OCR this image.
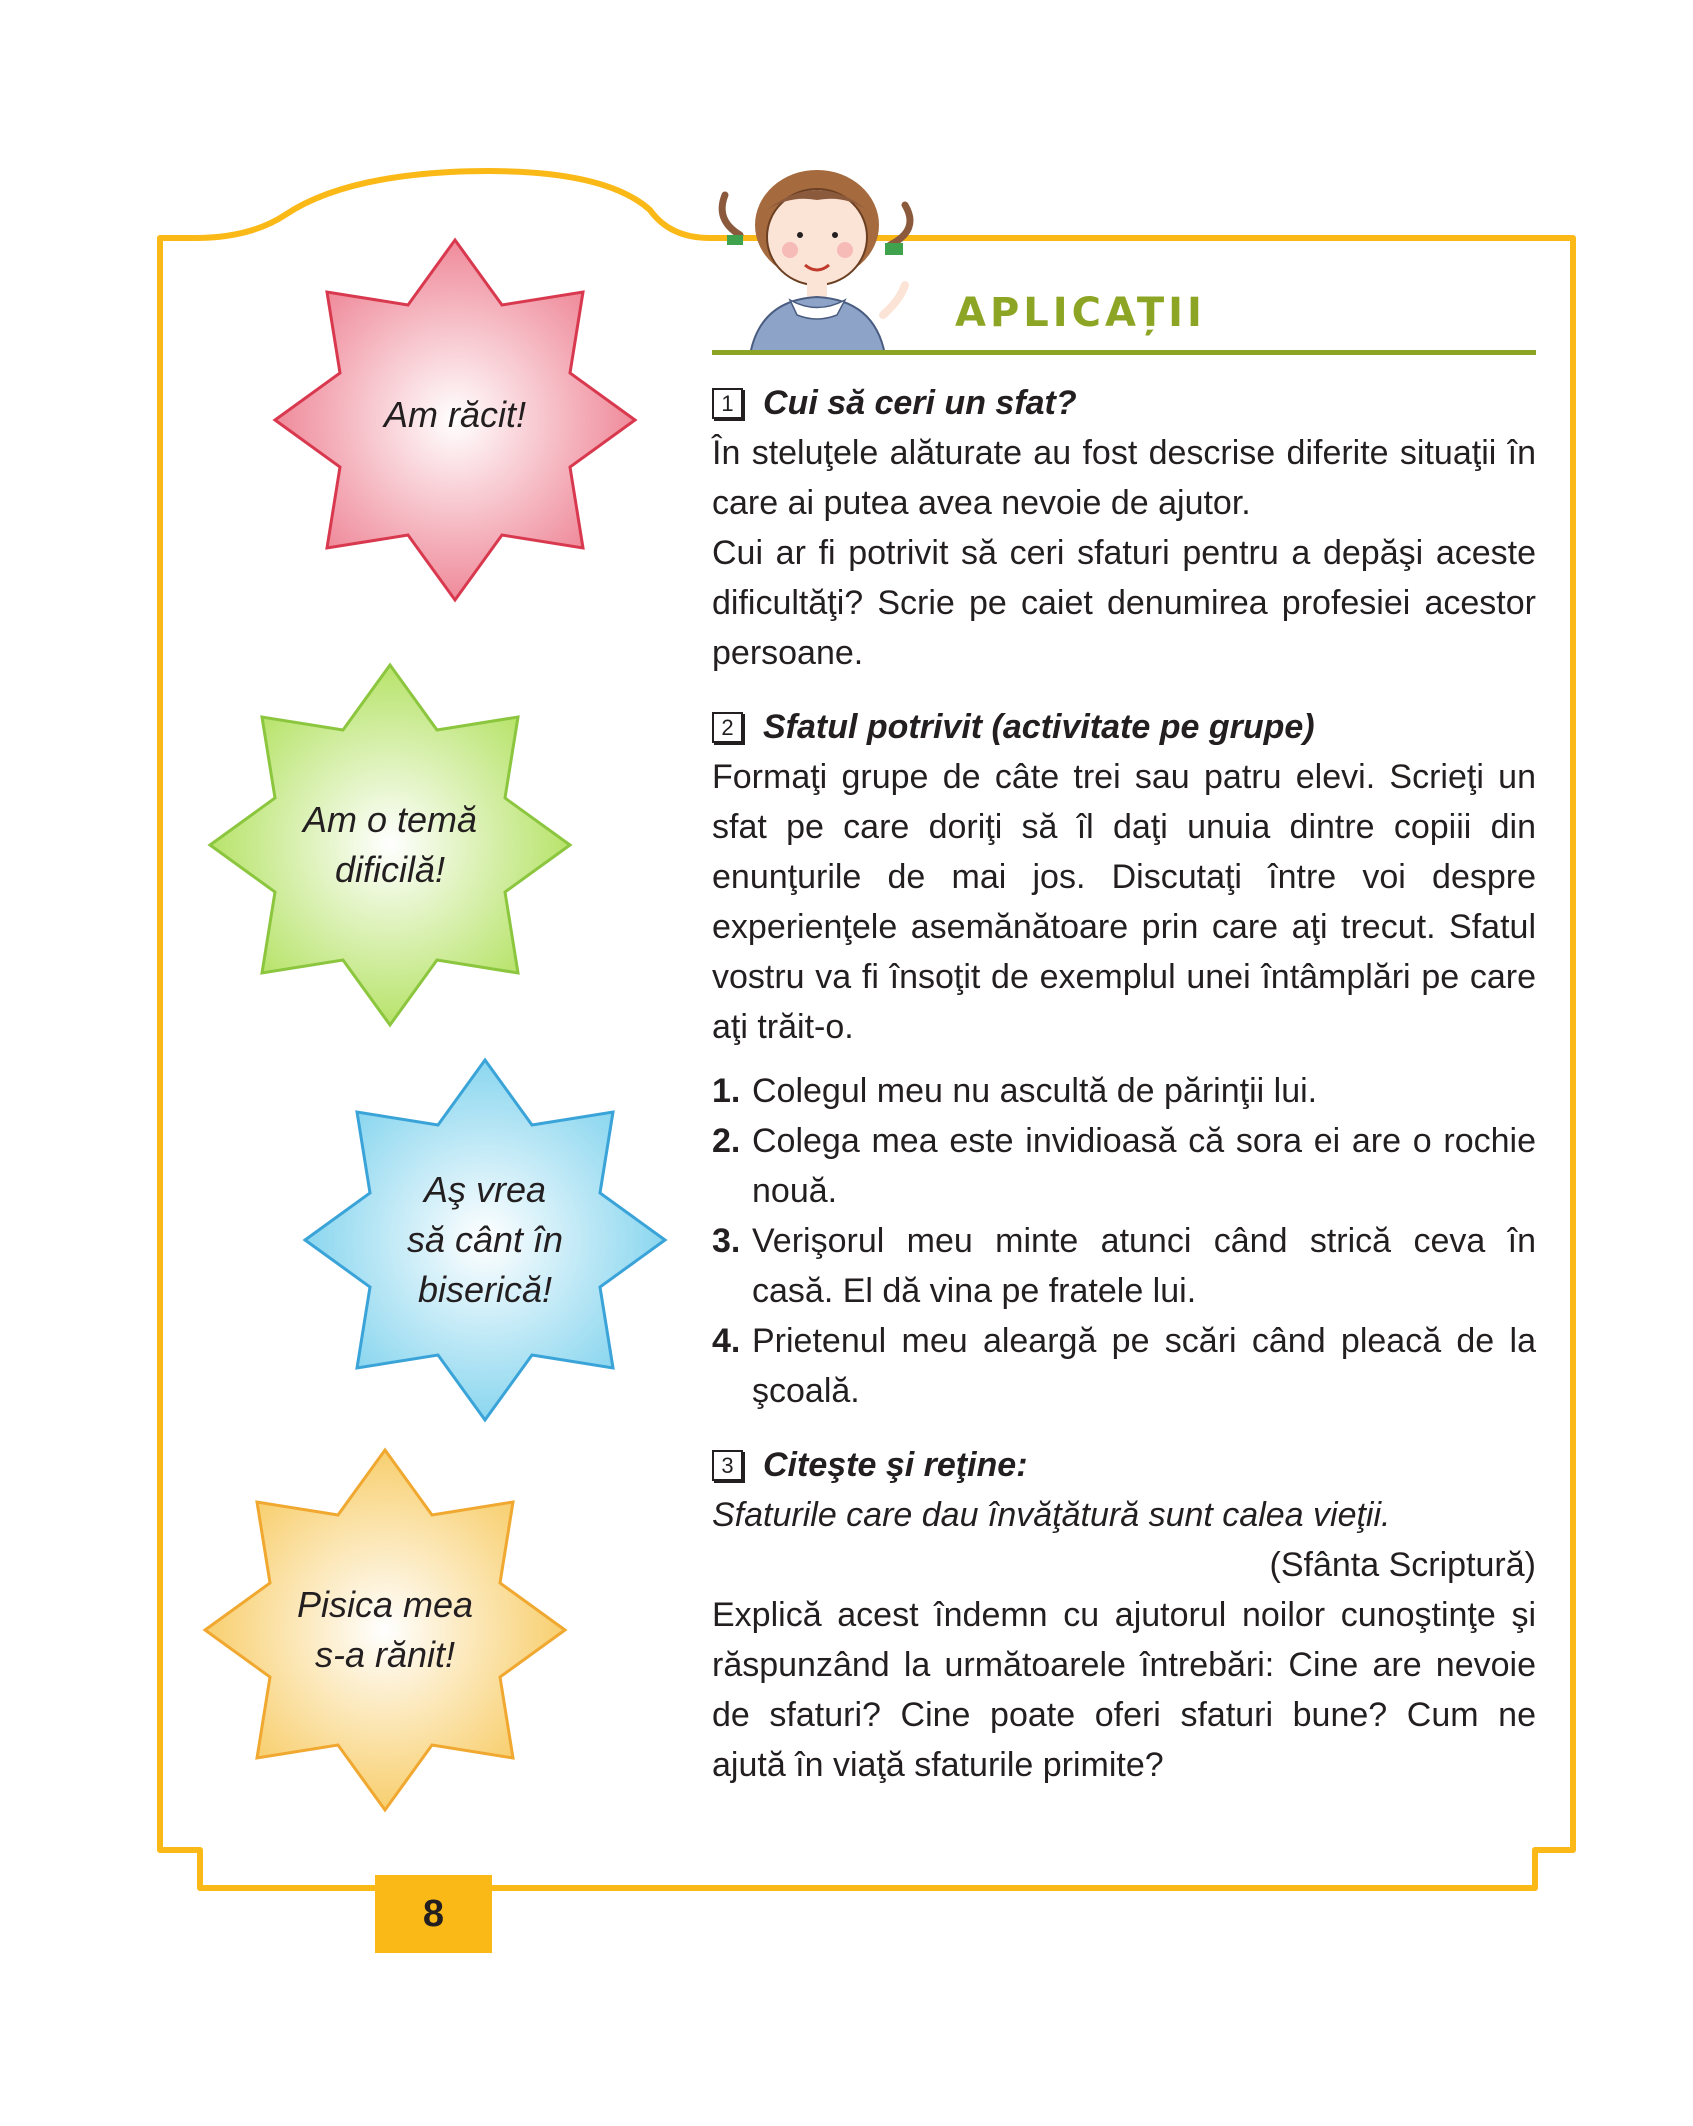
Am răcit!
Am o temă
dificilă!
Aş vrea
să cânt în
biserică!
Pisica mea
s-a rănit!
APLICAȚII
1 Cui să ceri un sfat?

În steluţele alăturate au fost descrise diferite situaţii în care ai putea avea nevoie de ajutor.

Cui ar fi potrivit să ceri sfaturi pentru a depăşi aceste dificultăţi? Scrie pe caiet denumirea profesiei acestor persoane.

2 Sfatul potrivit (activitate pe grupe)

Formaţi grupe de câte trei sau patru elevi. Scrieţi un sfat pe care doriţi să îl daţi unuia dintre copiii din enunţurile de mai jos. Discutaţi între voi despre experienţele asemănătoare prin care aţi trecut. Sfatul vostru va fi însoţit de exemplul unei întâmplări pe care aţi trăit-o.

1. Colegul meu nu ascultă de părinţii lui.
2. Colega mea este invidioasă că sora ei are o rochie nouă.
3. Verişorul meu minte atunci când strică ceva în casă. El dă vina pe fratele lui.
4. Prietenul meu aleargă pe scări când pleacă de la şcoală.
3 Citeşte şi reţine:

Sfaturile care dau învăţătură sunt calea vieţii.

(Sfânta Scriptură)

Explică acest îndemn cu ajutorul noilor cunoştinţe şi răspunzând la următoarele întrebări: Cine are nevoie de sfaturi? Cine poate oferi sfaturi bune? Cum ne ajută în viaţă sfaturile primite?

8
